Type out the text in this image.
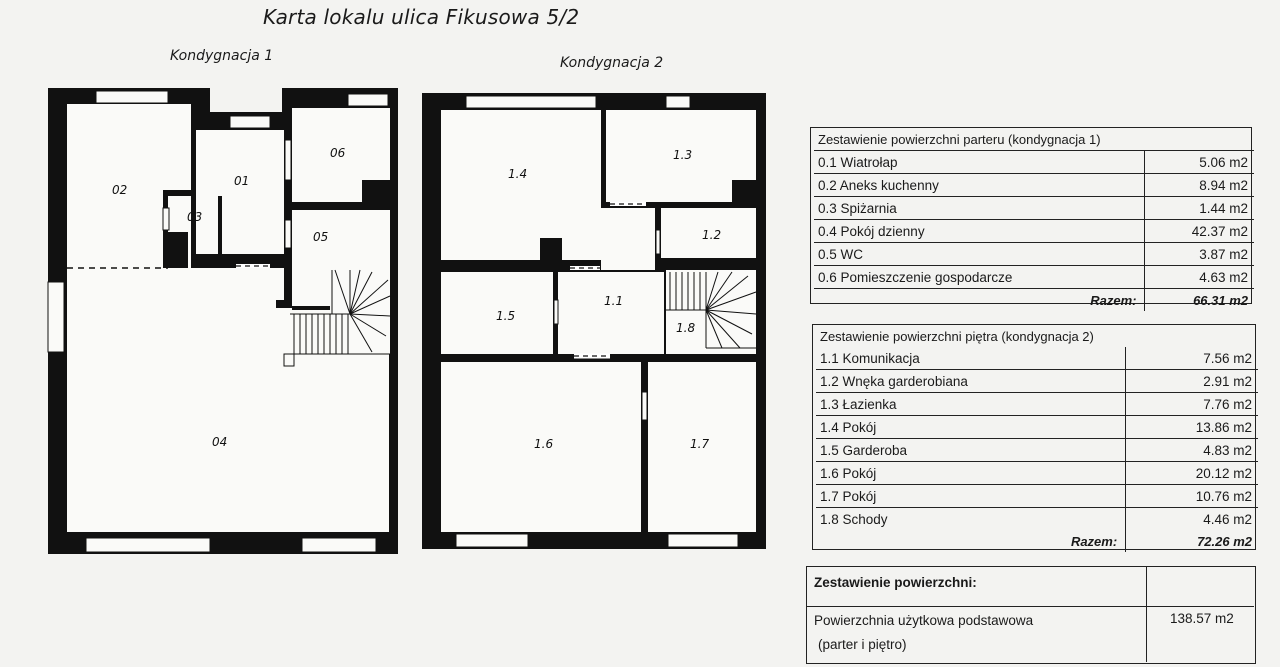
Karta lokalu ulica Fikusowa 5/2
Kondygnacja 1	Kondygnacja 2
01
02
03
04
05
06
1.1
1.2
1.3
1.4
1.5
1.6	1.7
1.8
Zestawienie powierzchni parteru (kondygnacja 1)	
0.1 Wiatrołap	5.06 m2
0.2 Aneks kuchenny	8.94 m2
0.3 Spiżarnia	1.44 m2
0.4 Pokój dzienny	42.37 m2
0.5 WC	3.87 m2
0.6 Pomieszczenie gospodarcze	4.63 m2
Razem:	66.31 m2
Zestawienie powierzchni piętra (kondygnacja 2)	
1.1 Komunikacja	7.56 m2
1.2 Wnęka garderobiana	2.91 m2
1.3 Łazienka	7.76 m2
1.4 Pokój	13.86 m2
1.5 Garderoba	4.83 m2
1.6 Pokój	20.12 m2
1.7 Pokój	10.76 m2
1.8 Schody	4.46 m2
Razem:	72.26 m2
Zestawienie powierzchni:
Powierzchnia użytkowa podstawowa
(parter i piętro)
138.57 m2
